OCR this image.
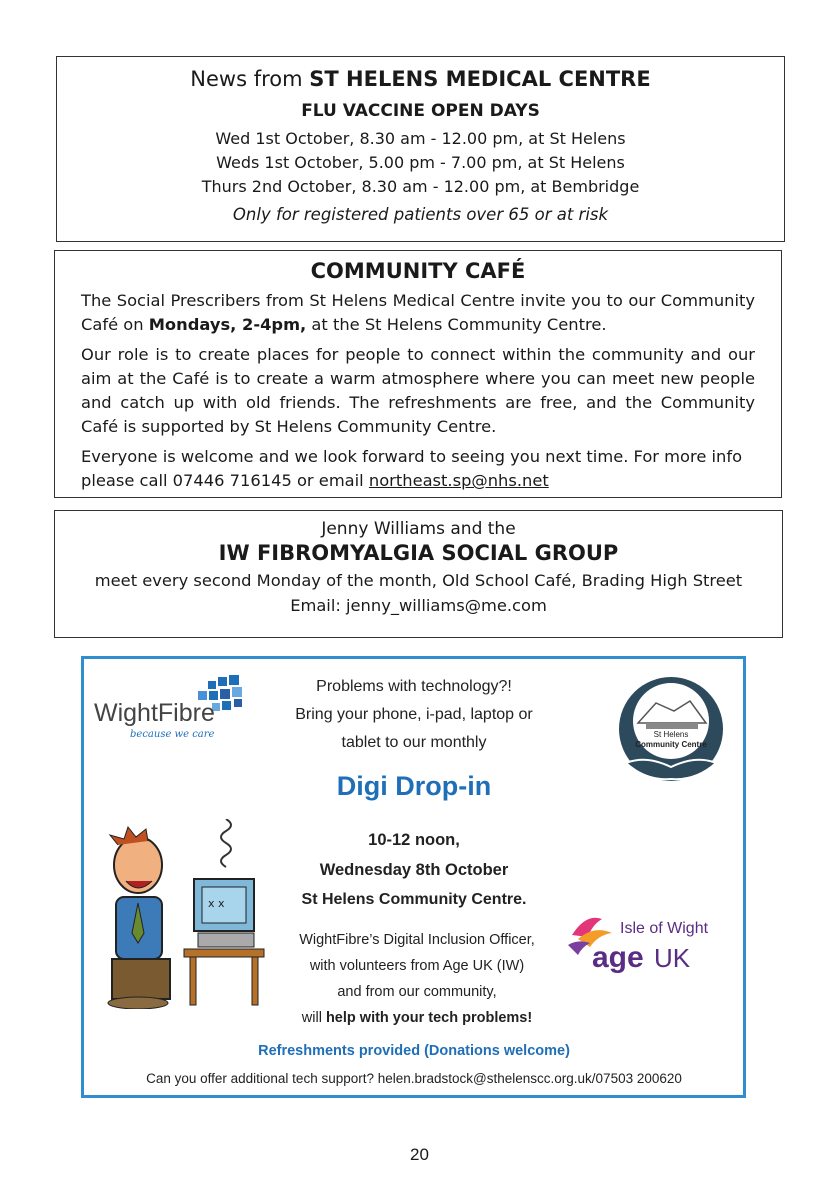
News from ST HELENS MEDICAL CENTRE
FLU VACCINE OPEN DAYS
Wed 1st October, 8.30 am - 12.00 pm, at St Helens
Weds 1st October, 5.00 pm - 7.00 pm, at St Helens
Thurs 2nd October, 8.30 am - 12.00 pm, at Bembridge
Only for registered patients over 65 or at risk
COMMUNITY CAFÉ

The Social Prescribers from St Helens Medical Centre invite you to our Community Café on Mondays, 2-4pm, at the St Helens Community Centre.

Our role is to create places for people to connect within the community and our aim at the Café is to create a warm atmosphere where you can meet new people and catch up with old friends. The refreshments are free, and the Community Café is supported by St Helens Community Centre.

Everyone is welcome and we look forward to seeing you next time. For more info please call 07446 716145 or email northeast.sp@nhs.net

Jenny Williams and the
IW FIBROMYALGIA SOCIAL GROUP
meet every second Monday of the month, Old School Café, Brading High Street
Email: jenny_williams@me.com
WightFibre
because we care
Problems with technology?!
Bring your phone, i-pad, laptop or
tablet to our monthly	St Helens
Community Centre
Digi Drop-in
10-12 noon,
Wednesday 8th October
x x	St Helens Community Centre.
Isle of Wight
age UK
WightFibre’s Digital Inclusion Officer,
with volunteers from Age UK (IW)
and from our community,
will help with your tech problems!
Refreshments provided (Donations welcome)
Can you offer additional tech support? helen.bradstock@sthelenscc.org.uk/07503 200620
20
